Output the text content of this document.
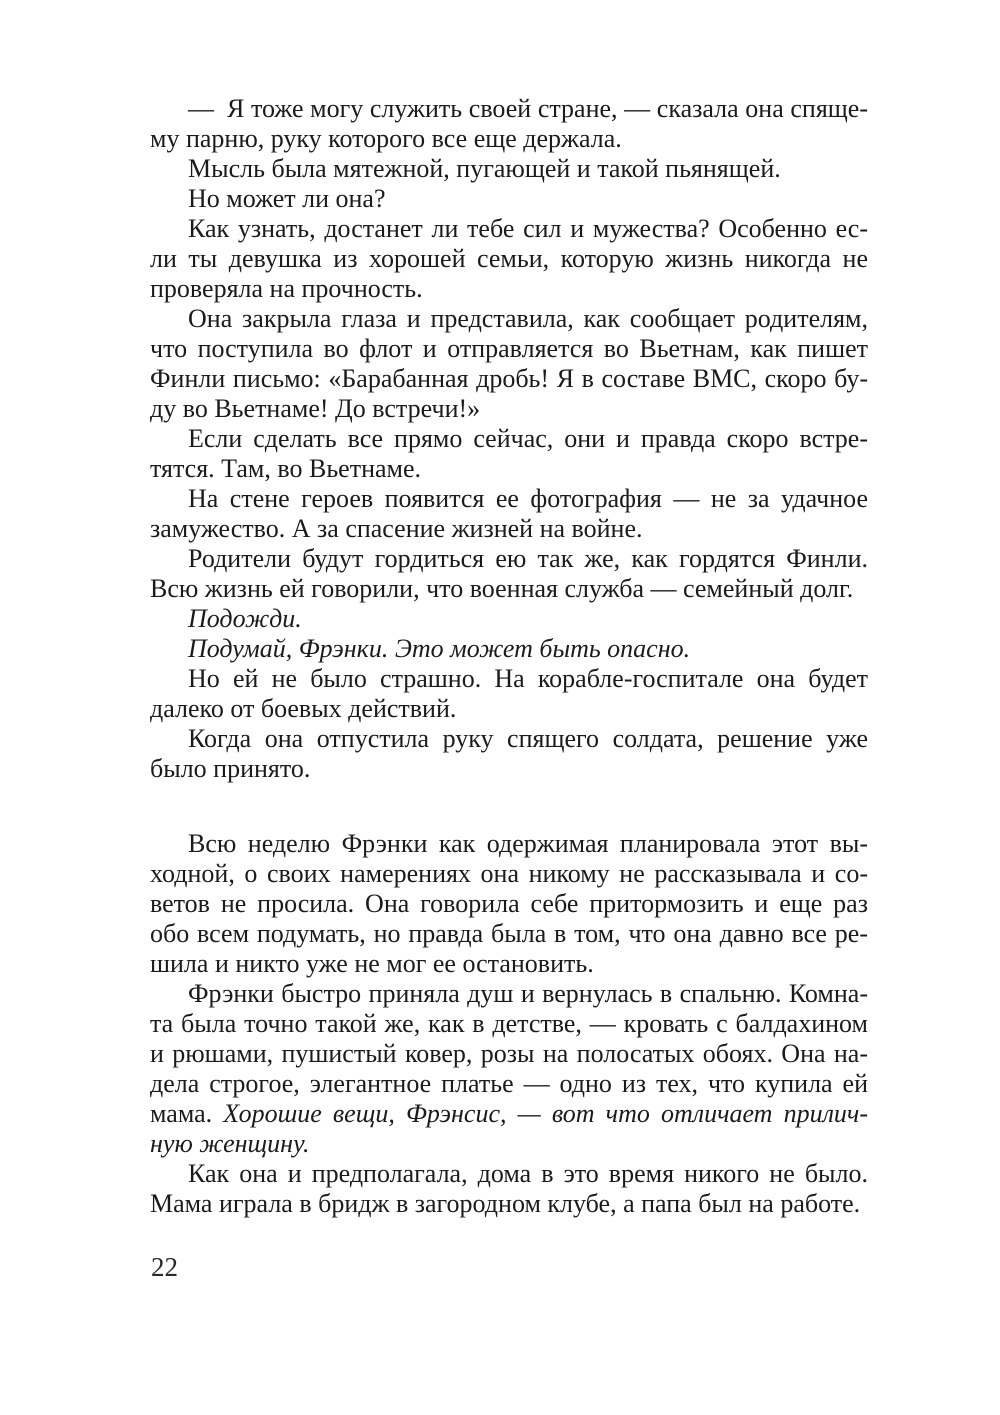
— Я тоже могу служить своей стране, — сказала она спяще-
му парню, руку которого все еще держала.
Мысль была мятежной, пугающей и такой пьянящей.
Но может ли она?
Как узнать, достанет ли тебе сил и мужества? Особенно ес-
ли ты девушка из хорошей семьи, которую жизнь никогда не
проверяла на прочность.
Она закрыла глаза и представила, как сообщает родителям,
что поступила во флот и отправляется во Вьетнам, как пишет
Финли письмо: «Барабанная дробь! Я в составе ВМС, скоро бу-
ду во Вьетнаме! До встречи!»
Если сделать все прямо сейчас, они и правда скоро встре-
тятся. Там, во Вьетнаме.
На стене героев появится ее фотография — не за удачное
замужество. А за спасение жизней на войне.
Родители будут гордиться ею так же, как гордятся Финли.
Всю жизнь ей говорили, что военная служба — семейный долг.
Подожди.
Подумай, Фрэнки. Это может быть опасно.
Но ей не было страшно. На корабле-госпитале она будет
далеко от боевых действий.
Когда она отпустила руку спящего солдата, решение уже
было принято.
Всю неделю Фрэнки как одержимая планировала этот вы-
ходной, о своих намерениях она никому не рассказывала и со-
ветов не просила. Она говорила себе притормозить и еще раз
обо всем подумать, но правда была в том, что она давно все ре-
шила и никто уже не мог ее остановить.
Фрэнки быстро приняла душ и вернулась в спальню. Комна-
та была точно такой же, как в детстве, — кровать с балдахином
и рюшами, пушистый ковер, розы на полосатых обоях. Она на-
дела строгое, элегантное платье — одно из тех, что купила ей
мама. Хорошие вещи, Фрэнсис, — вот что отличает прилич-
ную женщину.
Как она и предполагала, дома в это время никого не было.
Мама играла в бридж в загородном клубе, а папа был на работе.
22
